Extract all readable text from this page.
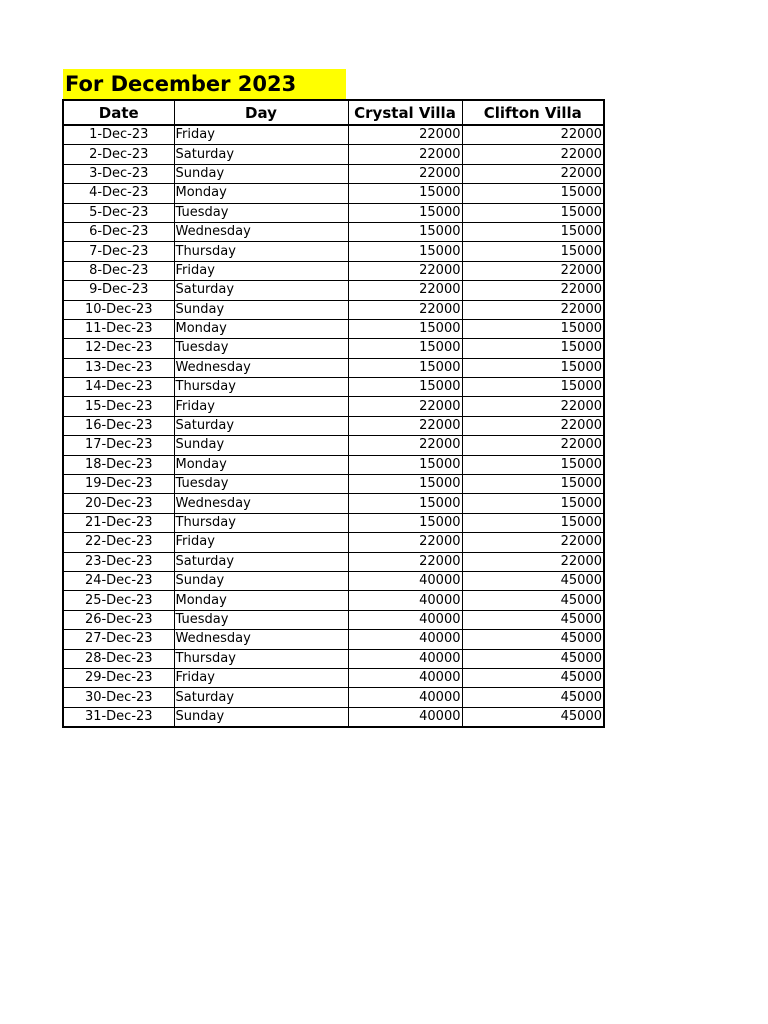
For December 2023
Date	Day	Crystal Villa	Clifton Villa
1-Dec-23	Friday	22000	22000
2-Dec-23	Saturday	22000	22000
3-Dec-23	Sunday	22000	22000
4-Dec-23	Monday	15000	15000
5-Dec-23	Tuesday	15000	15000
6-Dec-23	Wednesday	15000	15000
7-Dec-23	Thursday	15000	15000
8-Dec-23	Friday	22000	22000
9-Dec-23	Saturday	22000	22000
10-Dec-23	Sunday	22000	22000
11-Dec-23	Monday	15000	15000
12-Dec-23	Tuesday	15000	15000
13-Dec-23	Wednesday	15000	15000
14-Dec-23	Thursday	15000	15000
15-Dec-23	Friday	22000	22000
16-Dec-23	Saturday	22000	22000
17-Dec-23	Sunday	22000	22000
18-Dec-23	Monday	15000	15000
19-Dec-23	Tuesday	15000	15000
20-Dec-23	Wednesday	15000	15000
21-Dec-23	Thursday	15000	15000
22-Dec-23	Friday	22000	22000
23-Dec-23	Saturday	22000	22000
24-Dec-23	Sunday	40000	45000
25-Dec-23	Monday	40000	45000
26-Dec-23	Tuesday	40000	45000
27-Dec-23	Wednesday	40000	45000
28-Dec-23	Thursday	40000	45000
29-Dec-23	Friday	40000	45000
30-Dec-23	Saturday	40000	45000
31-Dec-23	Sunday	40000	45000
